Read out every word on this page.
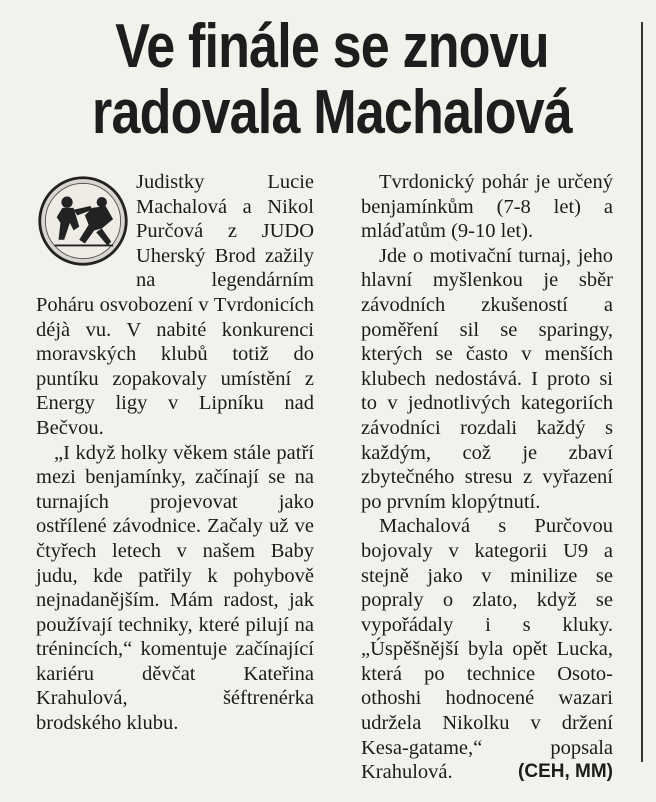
Ve finále se znovu
radovala Machalová

Judistky Lucie Machalová a Nikol Purčová z JUDO Uherský Brod zažily na legendárním Poháru osvobození v Tvrdonicích déjà vu. V nabité konkurenci moravských klubů totiž do puntíku zopakovaly umístění z Energy ligy v Lipníku nad Bečvou.

„I když holky věkem stále patří mezi benjamínky, začínají se na turnajích projevovat jako ostřílené závodnice. Začaly už ve čtyřech letech v našem Baby judu, kde patřily k pohybově nejnadanějším. Mám radost, jak používají techniky, které pilují na trénincích,“ komentuje začínající kariéru děvčat Kateřina Krahulová, šéftrenérka brodského klubu.

Tvrdonický pohár je určený benjamínkům (7-8 let) a mláďatům (9-10 let).

Jde o motivační turnaj, jeho hlavní myšlenkou je sběr závodních zkušeností a poměření sil se sparingy, kterých se často v menších klubech nedostává. I proto si to v jednotlivých kategoriích závodníci rozdali každý s každým, což je zbaví zbytečného stresu z vyřazení po prvním klopýtnutí.

Machalová s Purčovou bojovaly v kategorii U9 a stejně jako v minilize se popraly o zlato, když se vypořádaly i s kluky. „Úspěšnější byla opět Lucka, která po technice Osoto-othoshi hodnocené wazari udržela Nikolku v držení Kesa-gatame,“ popsala Krahulová.	(CEH, MM)
